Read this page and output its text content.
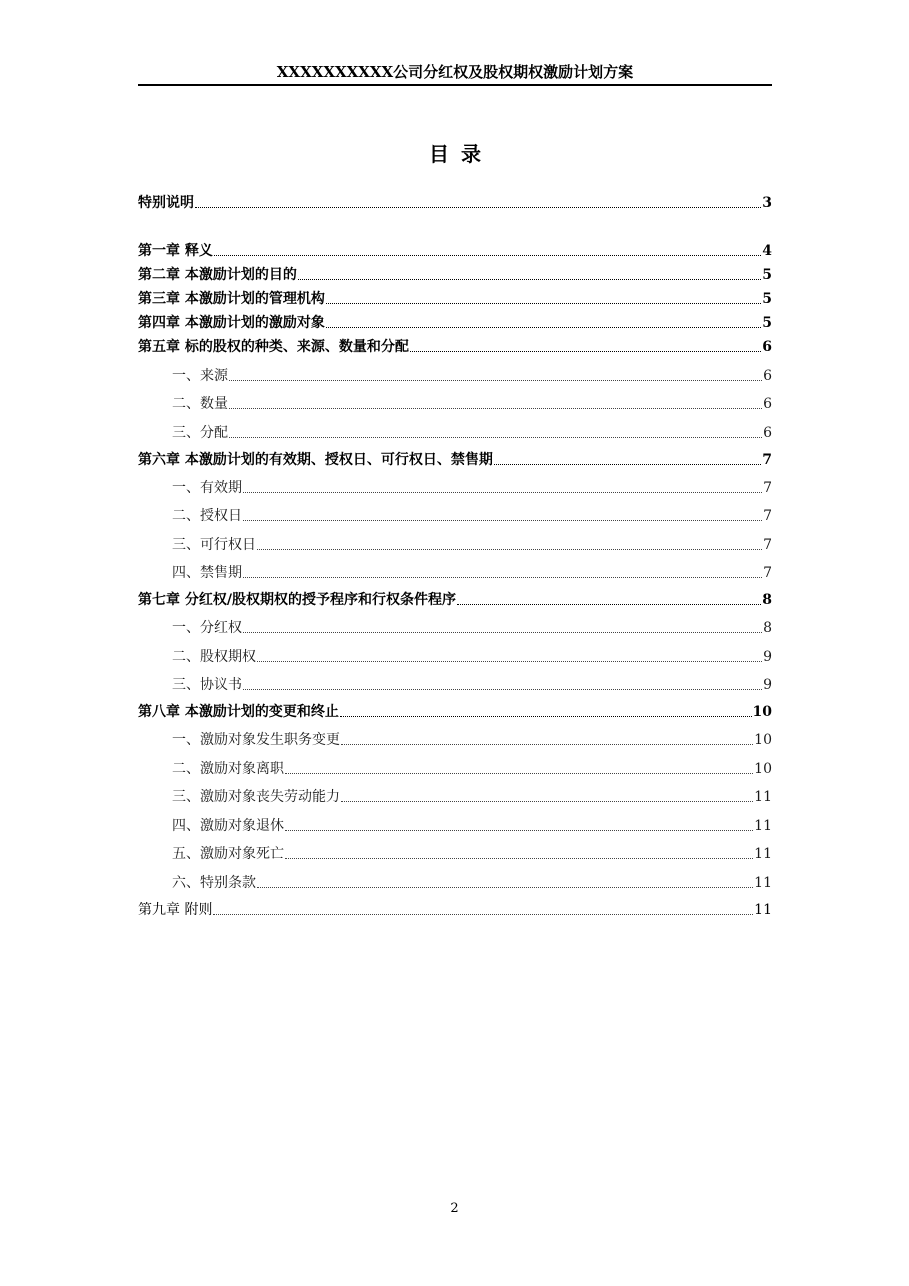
XXXXXXXXXX公司分红权及股权期权激励计划方案
目录
特别说明	3
第一章 释义	4
第二章 本激励计划的目的	5
第三章 本激励计划的管理机构	5
第四章 本激励计划的激励对象	5
第五章 标的股权的种类、来源、数量和分配	6
一、来源	6
二、数量	6
三、分配	6
第六章 本激励计划的有效期、授权日、可行权日、禁售期	7
一、有效期	7
二、授权日	7
三、可行权日	7
四、禁售期	7
第七章 分红权/股权期权的授予程序和行权条件程序	8
一、分红权	8
二、股权期权	9
三、协议书	9
第八章 本激励计划的变更和终止	10
一、激励对象发生职务变更	10
二、激励对象离职	10
三、激励对象丧失劳动能力	11
四、激励对象退休	11
五、激励对象死亡	11
六、特别条款	11
第九章 附则	11
2
